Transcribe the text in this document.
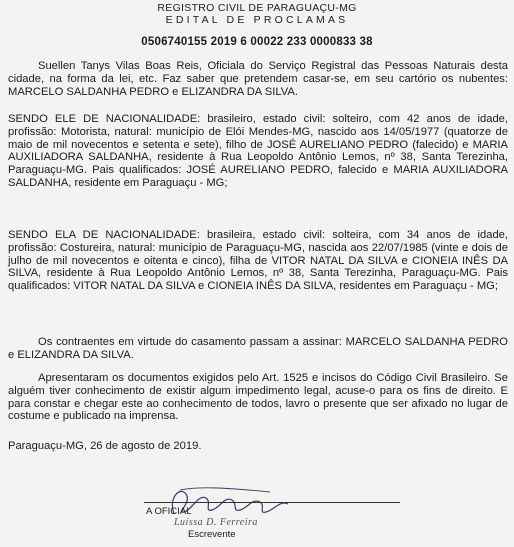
REGISTRO CIVIL DE PARAGUAÇU-MG
EDITAL DE PROCLAMAS
0506740155 2019 6 00022 233 0000833 38

Suellen Tanys Vilas Boas Reis, Oficiala do Serviço Registral das Pessoas Naturais desta cidade, na forma da lei, etc. Faz saber que pretendem casar-se, em seu cartório os nubentes: MARCELO SALDANHA PEDRO e ELIZANDRA DA SILVA.

SENDO ELE DE NACIONALIDADE: brasileiro, estado civil: solteiro, com 42 anos de idade, profissão: Motorista, natural: município de Elói Mendes-MG, nascido aos 14/05/1977 (quatorze de maio de mil novecentos e setenta e sete), filho de JOSÉ AURELIANO PEDRO (falecido) e MARIA AUXILIADORA SALDANHA, residente à Rua Leopoldo Antônio Lemos, nº 38, Santa Terezinha, Paraguaçu-MG. Pais qualificados: JOSÉ AURELIANO PEDRO, falecido e MARIA AUXILIADORA SALDANHA, residente em Paraguaçu - MG;

SENDO ELA DE NACIONALIDADE: brasileira, estado civil: solteira, com 34 anos de idade, profissão: Costureira, natural: município de Paraguaçu-MG, nascida aos 22/07/1985 (vinte e dois de julho de mil novecentos e oitenta e cinco), filha de VITOR NATAL DA SILVA e CIONEIA INÊS DA SILVA, residente à Rua Leopoldo Antônio Lemos, nº 38, Santa Terezinha, Paraguaçu-MG. Pais qualificados: VITOR NATAL DA SILVA e CIONEIA INÊS DA SILVA, residentes em Paraguaçu - MG;

Os contraentes em virtude do casamento passam a assinar: MARCELO SALDANHA PEDRO e ELIZANDRA DA SILVA.

Apresentaram os documentos exigidos pelo Art. 1525 e incisos do Código Civil Brasileiro. Se alguém tiver conhecimento de existir algum impedimento legal, acuse-o para os fins de direito. E para constar e chegar este ao conhecimento de todos, lavro o presente que ser afixado no lugar de costume e publicado na imprensa.

Paraguaçu-MG, 26 de agosto de 2019.

A OFICIAL
Luíssa D. Ferreira
Escrevente
